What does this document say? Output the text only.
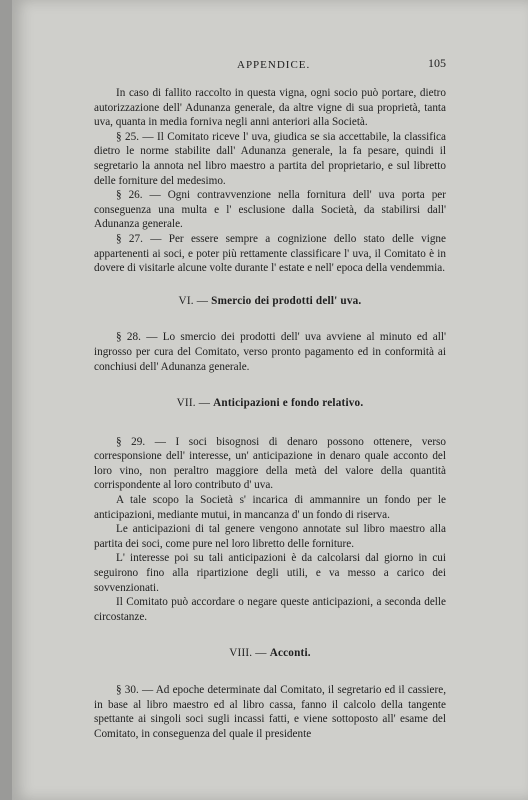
APPENDICE.	105

In caso di fallito raccolto in questa vigna, ogni socio può portare, dietro autorizzazione dell' Adunanza generale, da altre vigne di sua proprietà, tanta uva, quanta in media forniva negli anni anteriori alla Società.

§ 25. — Il Comitato riceve l' uva, giudica se sia accettabile, la classifica dietro le norme stabilite dall' Adunanza generale, la fa pesare, quindi il segretario la annota nel libro maestro a partita del proprietario, e sul libretto delle forniture del medesimo.

§ 26. — Ogni contravvenzione nella fornitura dell' uva porta per conseguenza una multa e l' esclusione dalla Società, da stabilirsi dall' Adunanza generale.

§ 27. — Per essere sempre a cognizione dello stato delle vigne appartenenti ai soci, e poter più rettamente classificare l' uva, il Comitato è in dovere di visitarle alcune volte durante l' estate e nell' epoca della vendemmia.

VI. — Smercio dei prodotti dell' uva.

§ 28. — Lo smercio dei prodotti dell' uva avviene al minuto ed all' ingrosso per cura del Comitato, verso pronto pagamento ed in conformità ai conchiusi dell' Adunanza generale.

VII. — Anticipazioni e fondo relativo.

§ 29. — I soci bisognosi di denaro possono ottenere, verso corresponsione dell' interesse, un' anticipazione in denaro quale acconto del loro vino, non peraltro maggiore della metà del valore della quantità corrispondente al loro contributo d' uva.

A tale scopo la Società s' incarica di ammannire un fondo per le anticipazioni, mediante mutui, in mancanza d' un fondo di riserva.

Le anticipazioni di tal genere vengono annotate sul libro maestro alla partita dei soci, come pure nel loro libretto delle forniture.

L' interesse poi su tali anticipazioni è da calcolarsi dal giorno in cui seguirono fino alla ripartizione degli utili, e va messo a carico dei sovvenzionati.

Il Comitato può accordare o negare queste anticipazioni, a seconda delle circostanze.

VIII. — Acconti.

§ 30. — Ad epoche determinate dal Comitato, il segretario ed il cassiere, in base al libro maestro ed al libro cassa, fanno il calcolo della tangente spettante ai singoli soci sugli incassi fatti, e viene sottoposto all' esame del Comitato, in conseguenza del quale il presidente
